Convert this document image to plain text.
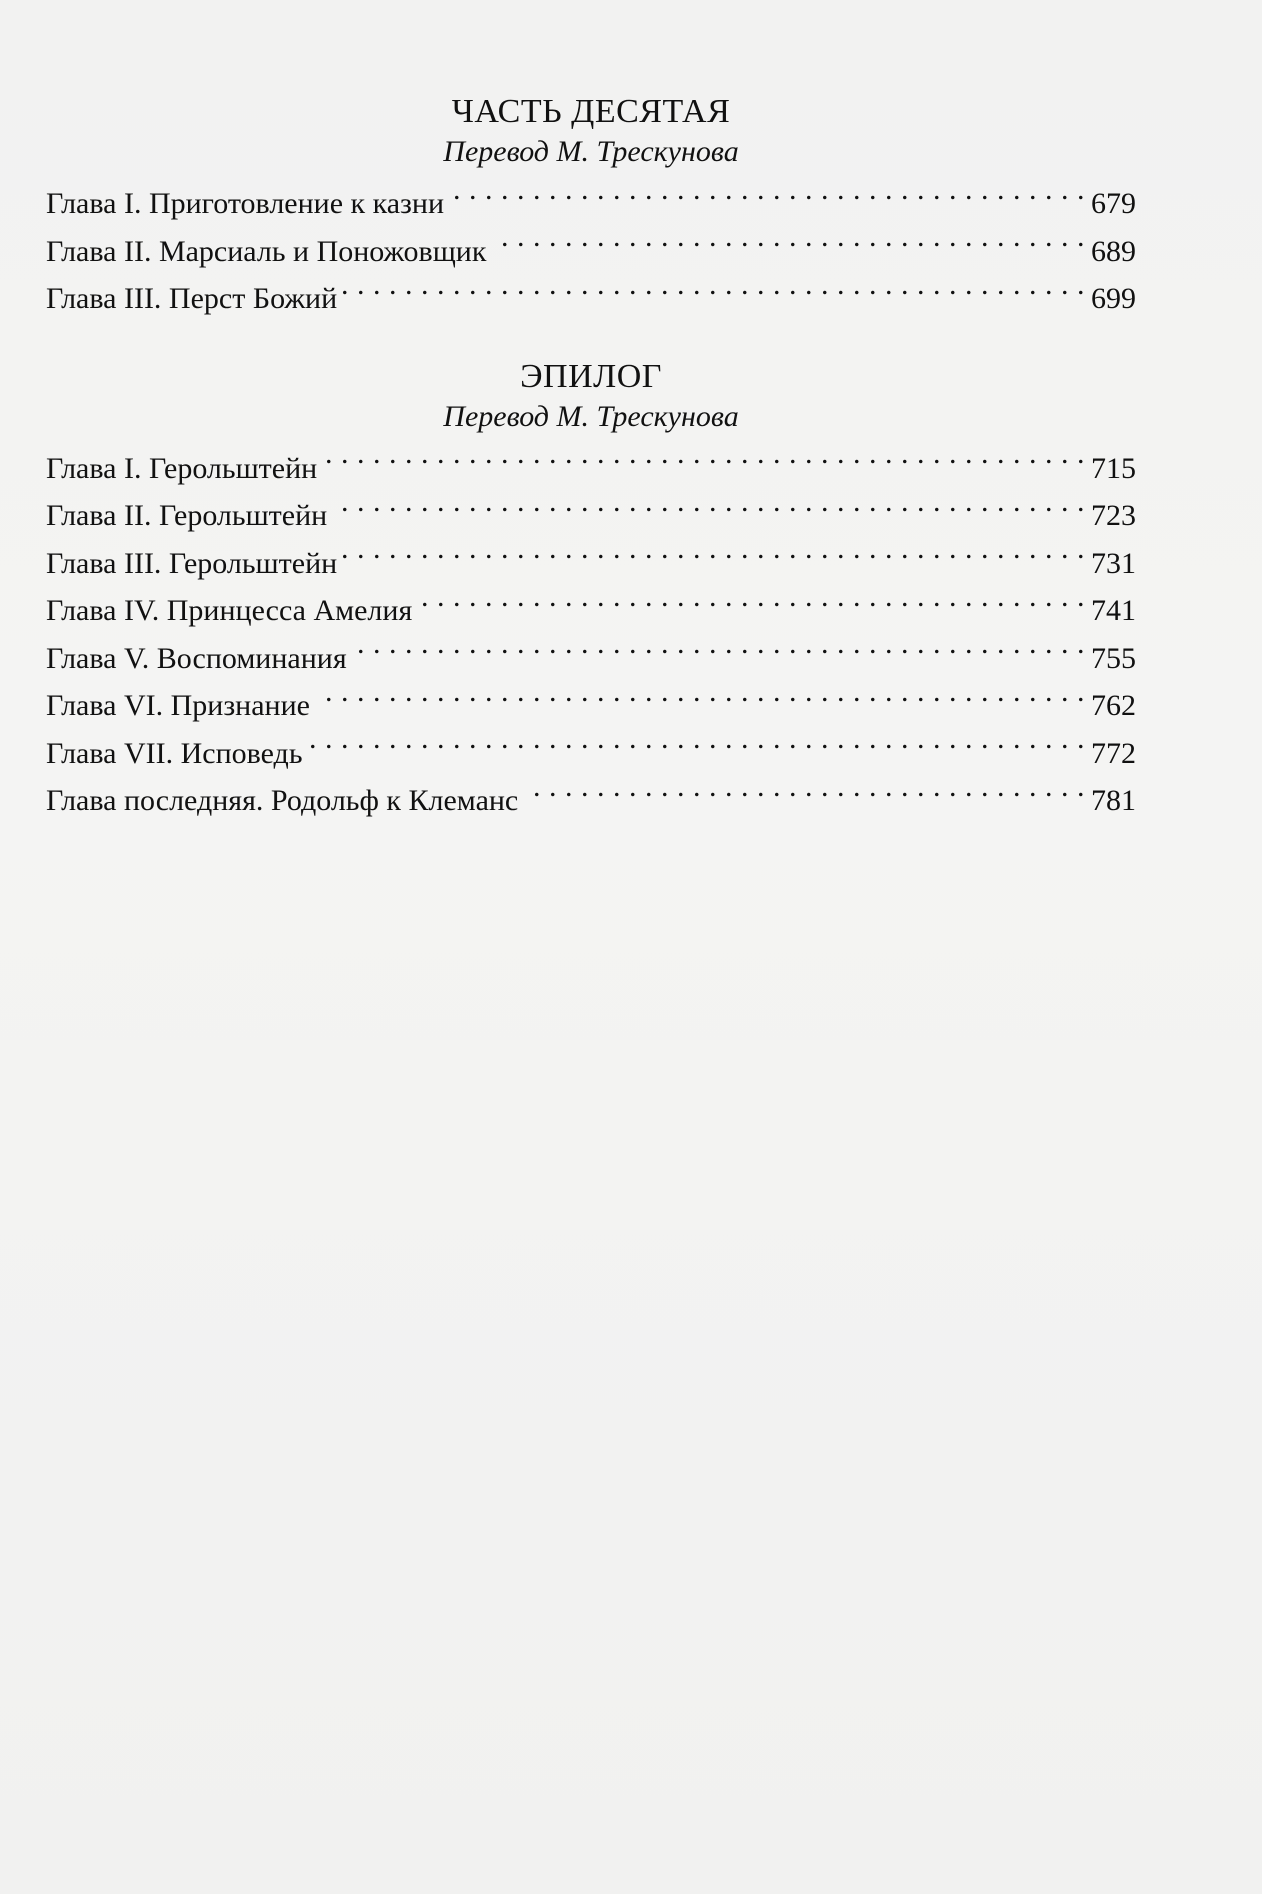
ЧАСТЬ ДЕСЯТАЯ
Перевод М. Трескунова
Глава I. Приготовление к казни . . .	679
Глава II. Марсиаль и Поножовщик . . .	689
Глава III. Перст Божий . . .	699
ЭПИЛОГ
Перевод М. Трескунова
Глава I. Герольштейн . . .	715
Глава II. Герольштейн . . .	723
Глава III. Герольштейн . . .	731
Глава IV. Принцесса Амелия . . .	741
Глава V. Воспоминания . . .	755
Глава VI. Признание . . .	762
Глава VII. Исповедь . . .	772
Глава последняя. Родольф к Клеманс . . .	781
